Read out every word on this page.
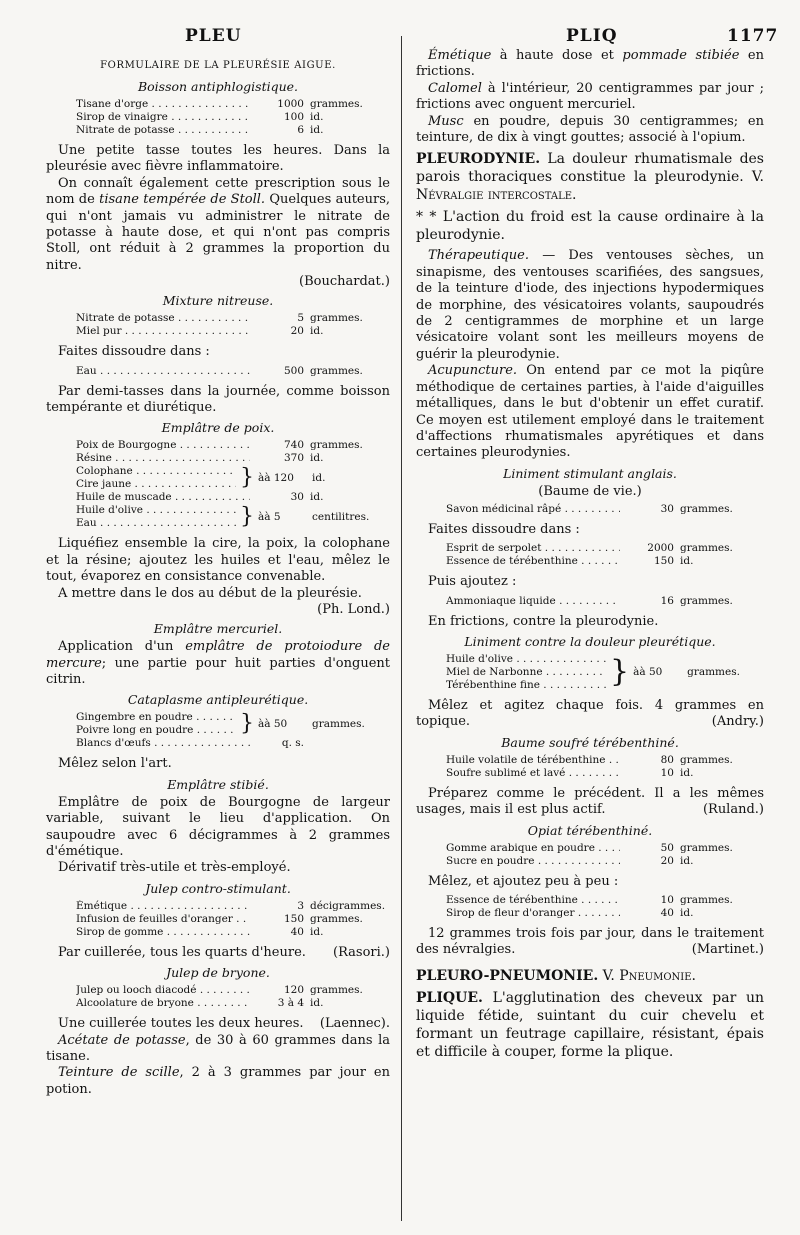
PLEU	PLIQ	1177
FORMULAIRE DE LA PLEURÉSIE AIGUE.
Boisson antiphlogistique.
Tisane d'orge . . .	1000 grammes.
Sirop de vinaigre . . .	100 id.
Nitrate de potasse . . .	6 id.

Une petite tasse toutes les heures. Dans la pleurésie avec fièvre inflammatoire.

On connaît également cette prescription sous le nom de tisane tempérée de Stoll. Quelques auteurs, qui n'ont jamais vu administrer le nitrate de potasse à haute dose, et qui n'ont pas compris Stoll, ont réduit à 2 grammes la proportion du nitre.

(Bouchardat.)
Mixture nitreuse.
Nitrate de potasse . . .	5 grammes.
Miel pur . . .	20 id.

Faites dissoudre dans :

Eau . . .	500 grammes.

Par demi-tasses dans la journée, comme boisson tempérante et diurétique.

Emplâtre de poix.
Poix de Bourgogne . . .	740 grammes.
Résine . . .	370 id.
Colophane . . .
Cire jaune . . .	} àà 120	id.
Huile de muscade . . .	30 id.
Huile d'olive . . .
Eau . . .	} àà 5	centilitres.

Liquéfiez ensemble la cire, la poix, la colophane et la résine; ajoutez les huiles et l'eau, mêlez le tout, évaporez en consistance convenable.

A mettre dans le dos au début de la pleurésie.

(Ph. Lond.)
Emplâtre mercuriel.

Application d'un emplâtre de protoiodure de mercure; une partie pour huit parties d'onguent citrin.

Cataplasme antipleurétique.
Gingembre en poudre . . .
Poivre long en poudre . . .	} àà 50	grammes.
Blancs d'œufs . . .	q. s.

Mêlez selon l'art.

Emplâtre stibié.

Emplâtre de poix de Bourgogne de largeur variable, suivant le lieu d'application. On saupoudre avec 6 décigrammes à 2 grammes d'émétique.

Dérivatif très-utile et très-employé.

Julep contro-stimulant.
Émétique . . .	3 décigrammes.
Infusion de feuilles d'oranger . . .	150 grammes.
Sirop de gomme . . .	40 id.

Par cuillerée, tous les quarts d'heure.	(Rasori.)

Julep de bryone.
Julep ou looch diacodé . . .	120 grammes.
Alcoolature de bryone . . .	3 à 4 id.

Une cuillerée toutes les deux heures.	(Laennec).

Acétate de potasse, de 30 à 60 grammes dans la tisane.

Teinture de scille, 2 à 3 grammes par jour en potion.

Émétique à haute dose et pommade stibiée en frictions.

Calomel à l'intérieur, 20 centigrammes par jour ; frictions avec onguent mercuriel.

Musc en poudre, depuis 30 centigrammes; en teinture, de dix à vingt gouttes; associé à l'opium.

PLEURODYNIE. La douleur rhumatismale des parois thoraciques constitue la pleurodynie. V. Névralgie intercostale.

* * L'action du froid est la cause ordinaire à la pleurodynie.

Thérapeutique. — Des ventouses sèches, un sinapisme, des ventouses scarifiées, des sangsues, de la teinture d'iode, des injections hypodermiques de morphine, des vésicatoires volants, saupoudrés de 2 centigrammes de morphine et un large vésicatoire volant sont les meilleurs moyens de guérir la pleurodynie.

Acupuncture. On entend par ce mot la piqûre méthodique de certaines parties, à l'aide d'aiguilles métalliques, dans le but d'obtenir un effet curatif. Ce moyen est utilement employé dans le traitement d'affections rhumatismales apyrétiques et dans certaines pleurodynies.

Liniment stimulant anglais.
(Baume de vie.)
Savon médicinal râpé . . .	30 grammes.

Faites dissoudre dans :

Esprit de serpolet . . .	2000 grammes.
Essence de térébenthine . . .	150 id.

Puis ajoutez :

Ammoniaque liquide . . .	16 grammes.

En frictions, contre la pleurodynie.

Liniment contre la douleur pleurétique.
Huile d'olive . . .
Miel de Narbonne . . .
Térébenthine fine . . .	} àà 50	grammes.

Mêlez et agitez chaque fois. 4 grammes en topique.	(Andry.)

Baume soufré térébenthiné.
Huile volatile de térébenthine . . .	80 grammes.
Soufre sublimé et lavé . . .	10 id.

Préparez comme le précédent. Il a les mêmes usages, mais il est plus actif.	(Ruland.)

Opiat térébenthiné.
Gomme arabique en poudre . . .	50 grammes.
Sucre en poudre . . .	20 id.

Mêlez, et ajoutez peu à peu :

Essence de térébenthine . . .	10 grammes.
Sirop de fleur d'oranger . . .	40 id.

12 grammes trois fois par jour, dans le traitement des névralgies.	(Martinet.)

PLEURO-PNEUMONIE. V. Pneumonie.

PLIQUE. L'agglutination des cheveux par un liquide fétide, suintant du cuir chevelu et formant un feutrage capillaire, résistant, épais et difficile à couper, forme la plique.
